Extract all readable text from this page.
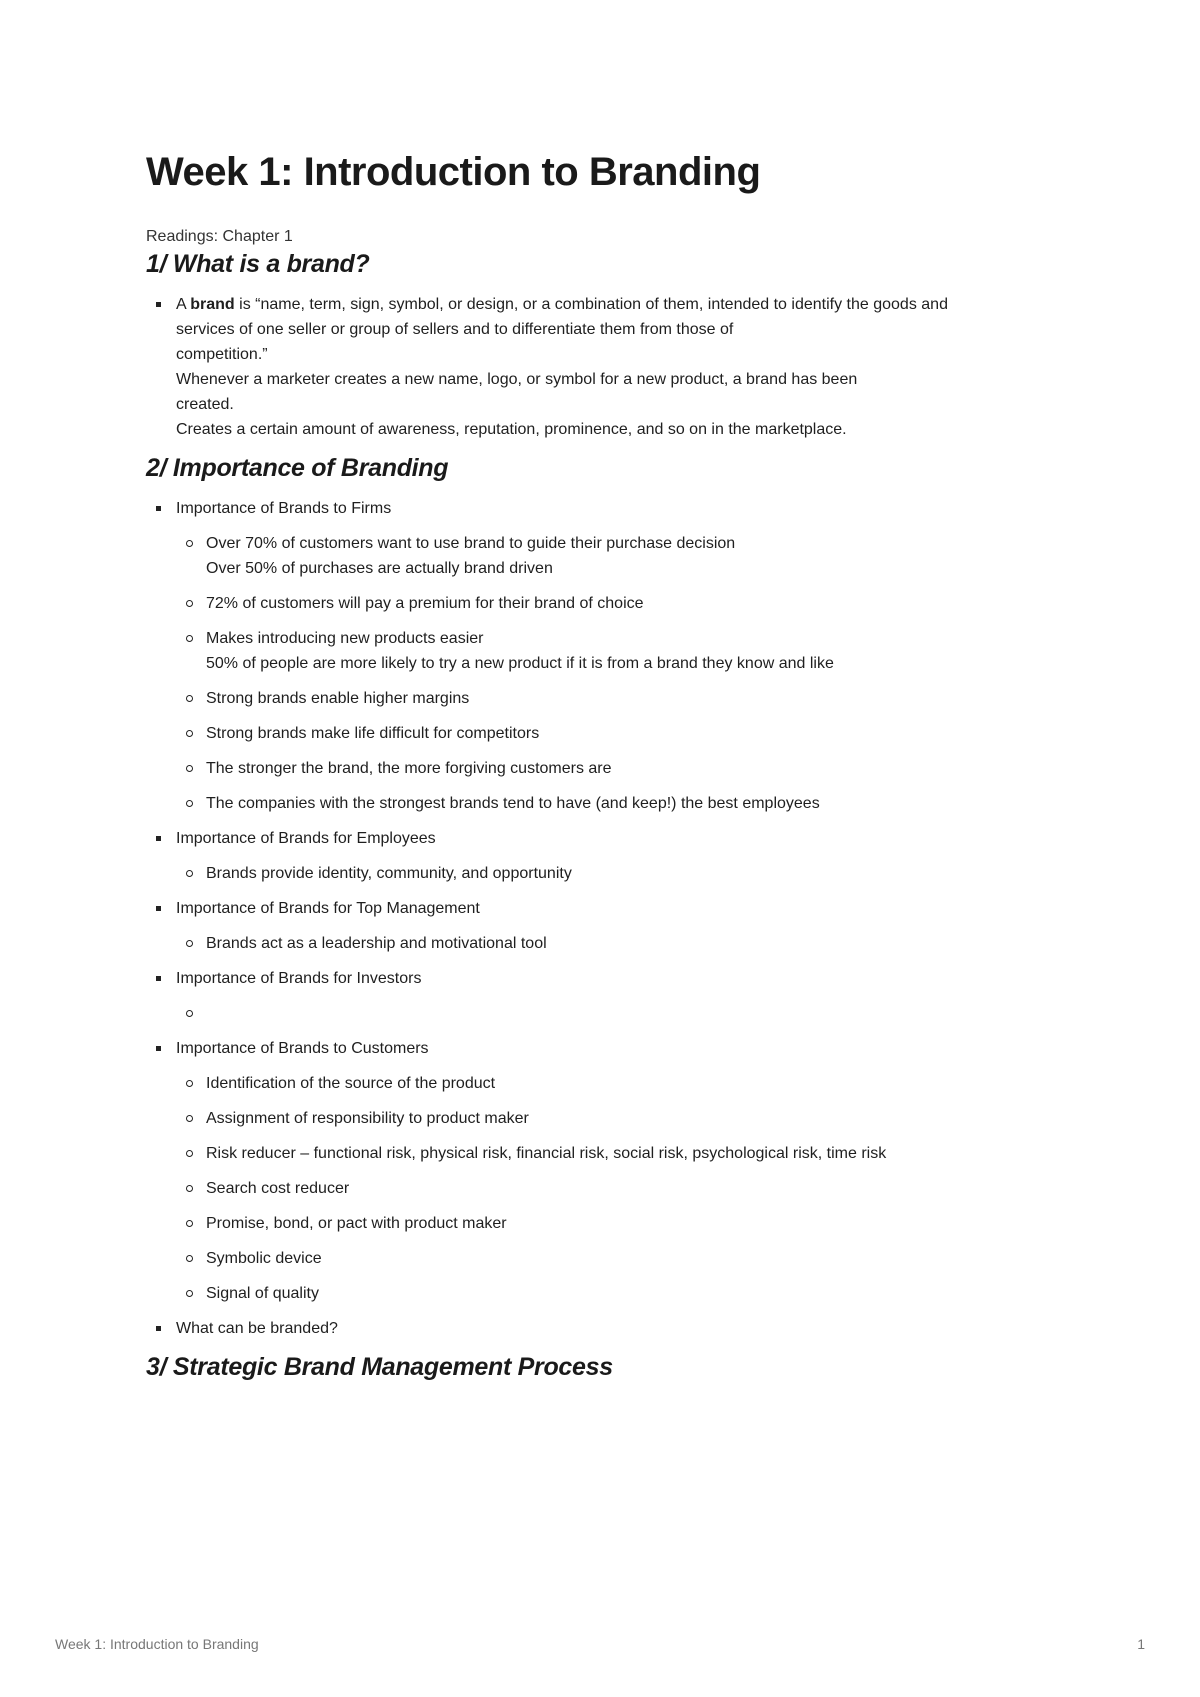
Week 1: Introduction to Branding
Readings: Chapter 1
1/ What is a brand?
A brand is “name, term, sign, symbol, or design, or a combination of them, intended to identify the goods and
services of one seller or group of sellers and to differentiate them from those of
competition.”
Whenever a marketer creates a new name, logo, or symbol for a new product, a brand has been
created.
Creates a certain amount of awareness, reputation, prominence, and so on in the marketplace.
2/ Importance of Branding
Importance of Brands to Firms
Over 70% of customers want to use brand to guide their purchase decision
Over 50% of purchases are actually brand driven
72% of customers will pay a premium for their brand of choice
Makes introducing new products easier
50% of people are more likely to try a new product if it is from a brand they know and like
Strong brands enable higher margins
Strong brands make life difficult for competitors
The stronger the brand, the more forgiving customers are
The companies with the strongest brands tend to have (and keep!) the best employees
Importance of Brands for Employees
Brands provide identity, community, and opportunity
Importance of Brands for Top Management
Brands act as a leadership and motivational tool
Importance of Brands for Investors
Importance of Brands to Customers
Identification of the source of the product
Assignment of responsibility to product maker
Risk reducer – functional risk, physical risk, financial risk, social risk, psychological risk, time risk
Search cost reducer
Promise, bond, or pact with product maker
Symbolic device
Signal of quality
What can be branded?
3/ Strategic Brand Management Process
Week 1: Introduction to Branding	1
